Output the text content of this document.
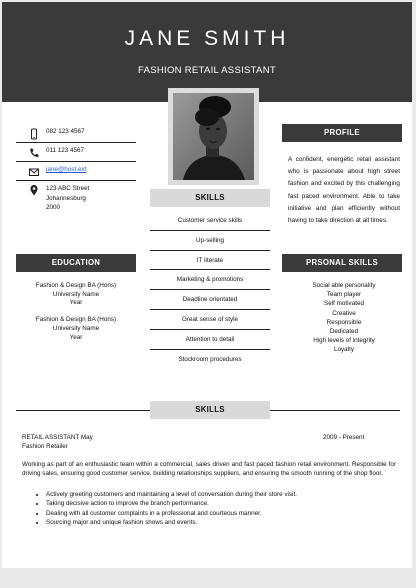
JANE SMITH
FASHION RETAIL ASSISTANT
082 123 4567
011 123 4567
jane@host.ext
123 ABC Street
Johannesburg
2000
PROFILE
A confident, energetic retail assistant who is passionate about high street fashion and excited by this challenging fast paced environment. Able to take initiative and plan efficiently without having to take direction at all times.
SKILLS
Customer service skills
Up-selling
IT literate
Marketing & promotions
Deadline orientated
Great sense of style
Attention to detail
Stockroom procedures
EDUCATION
Fashion & Design BA (Hons)
University Name
Year
Fashion & Design BA (Hons)
University Name
Year
PRSONAL SKILLS
Social able personality
Team player
Self motivated
Creative
Responsible
Dedicated
High levels of integrity
Loyalty
SKILLS
RETAIL ASSISTANT May	2009 - Present
Fashion Retailer
Working as part of an enthusiastic team within a commercial, sales driven and fast paced fashion retail environment. Responsible for driving sales, ensuring good customer service, building relationships suppliers, and ensuring the smooth running of the shop floor.
• Actively greeting customers and maintaining a level of conversation during their store visit.
• Taking decisive action to improve the branch performance.
• Dealing with all customer complaints in a professional and courteous manner.
• Sourcing major and unique fashion shows and events.
